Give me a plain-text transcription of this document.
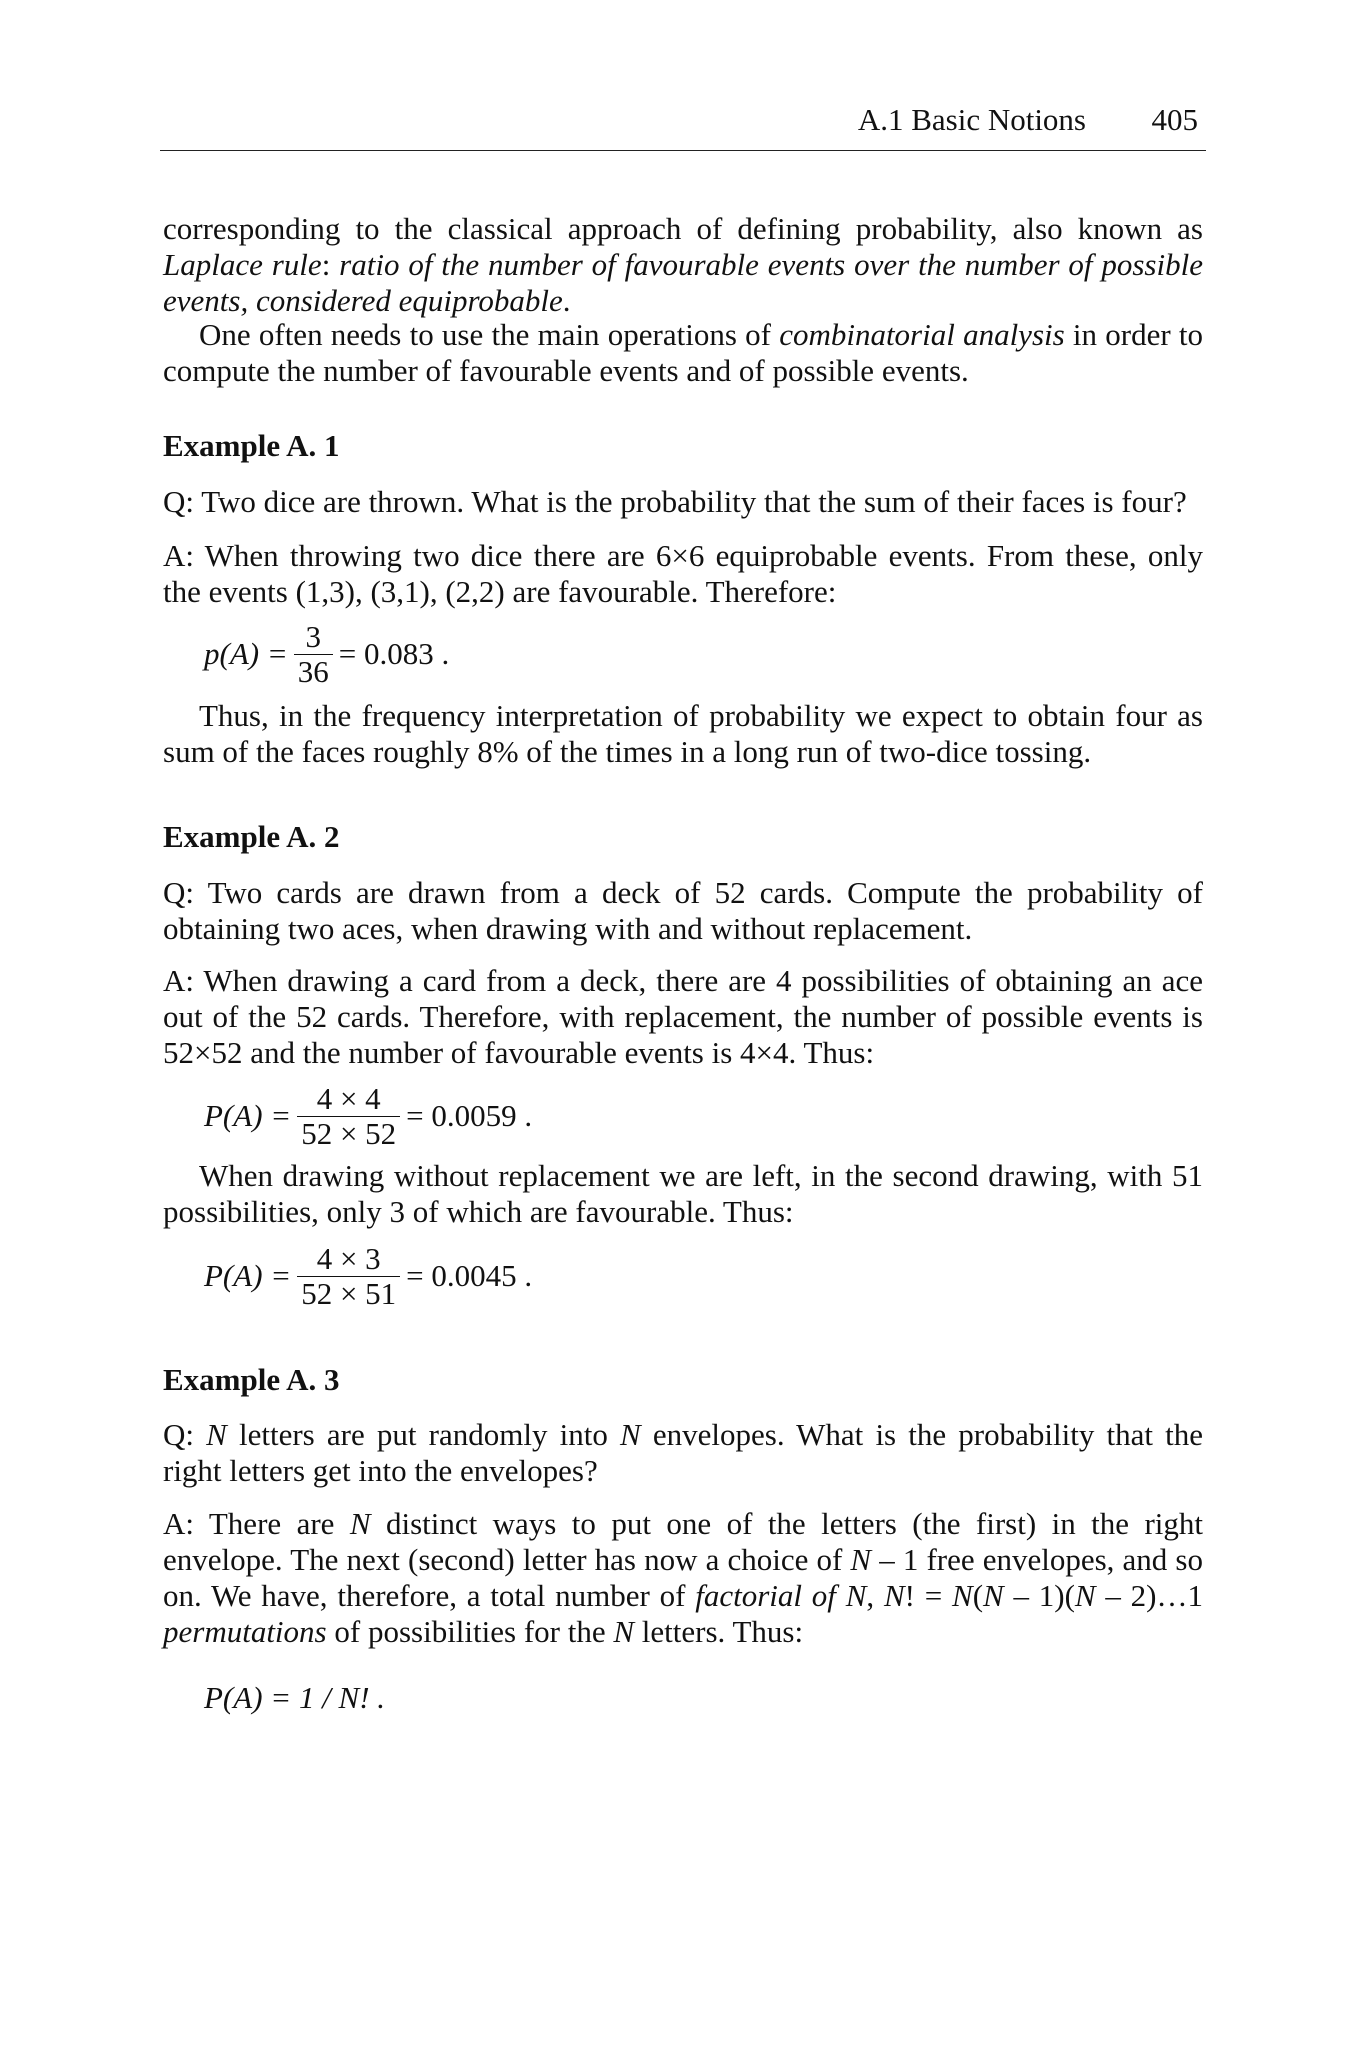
A.1 Basic Notions 405
corresponding to the classical approach of defining probability, also known as Laplace rule: ratio of the number of favourable events over the number of possible events, considered equiprobable.
One often needs to use the main operations of combinatorial analysis in order to compute the number of favourable events and of possible events.
Example A. 1
Q: Two dice are thrown. What is the probability that the sum of their faces is four?
A: When throwing two dice there are 6×6 equiprobable events. From these, only the events (1,3), (3,1), (2,2) are favourable. Therefore:
$p(A) = \frac{3}{36} = 0.083$ .
Thus, in the frequency interpretation of probability we expect to obtain four as sum of the faces roughly 8% of the times in a long run of two-dice tossing.
Example A. 2
Q: Two cards are drawn from a deck of 52 cards. Compute the probability of obtaining two aces, when drawing with and without replacement.
A: When drawing a card from a deck, there are 4 possibilities of obtaining an ace out of the 52 cards. Therefore, with replacement, the number of possible events is 52×52 and the number of favourable events is 4×4. Thus:
$P(A) = \frac{4 \times 4}{52 \times 52} = 0.0059$ .
When drawing without replacement we are left, in the second drawing, with 51 possibilities, only 3 of which are favourable. Thus:
$P(A) = \frac{4 \times 3}{52 \times 51} = 0.0045$ .
Example A. 3
Q: N letters are put randomly into N envelopes. What is the probability that the right letters get into the envelopes?
A: There are N distinct ways to put one of the letters (the first) in the right envelope. The next (second) letter has now a choice of N – 1 free envelopes, and so on. We have, therefore, a total number of factorial of N, N! = N(N – 1)(N – 2)…1 permutations of possibilities for the N letters. Thus:
P(A) = 1 / N! .
